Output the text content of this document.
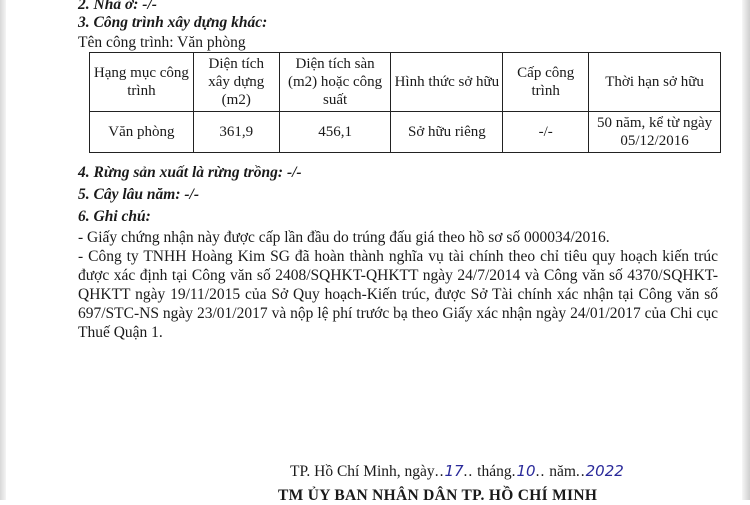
2. Nhà ở: -/-
3. Công trình xây dựng khác:
Tên công trình: Văn phòng
Hạng mục công trình	Diện tích xây dựng (m2)	Diện tích sàn (m2) hoặc công suất	Hình thức sở hữu	Cấp công trình	Thời hạn sở hữu
Văn phòng	361,9	456,1	Sở hữu riêng	-/-	50 năm, kể từ ngày 05/12/2016
4. Rừng sản xuất là rừng trồng: -/-
5. Cây lâu năm: -/-
6. Ghi chú:
- Giấy chứng nhận này được cấp lần đầu do trúng đấu giá theo hồ sơ số 000034/2016.
- Công ty TNHH Hoàng Kim SG đã hoàn thành nghĩa vụ tài chính theo chỉ tiêu quy hoạch kiến trúc được xác định tại Công văn số 2408/SQHKT-QHKTT ngày 24/7/2014 và Công văn số 4370/SQHKT-QHKTT ngày 19/11/2015 của Sở Quy hoạch-Kiến trúc, được Sở Tài chính xác nhận tại Công văn số 697/STC-NS ngày 23/01/2017 và nộp lệ phí trước bạ theo Giấy xác nhận ngày 24/01/2017 của Chi cục Thuế Quận 1.
TP. Hồ Chí Minh, ngày..17.. tháng.10.. năm..2022
TM ỦY BAN NHÂN DÂN TP. HỒ CHÍ MINH
